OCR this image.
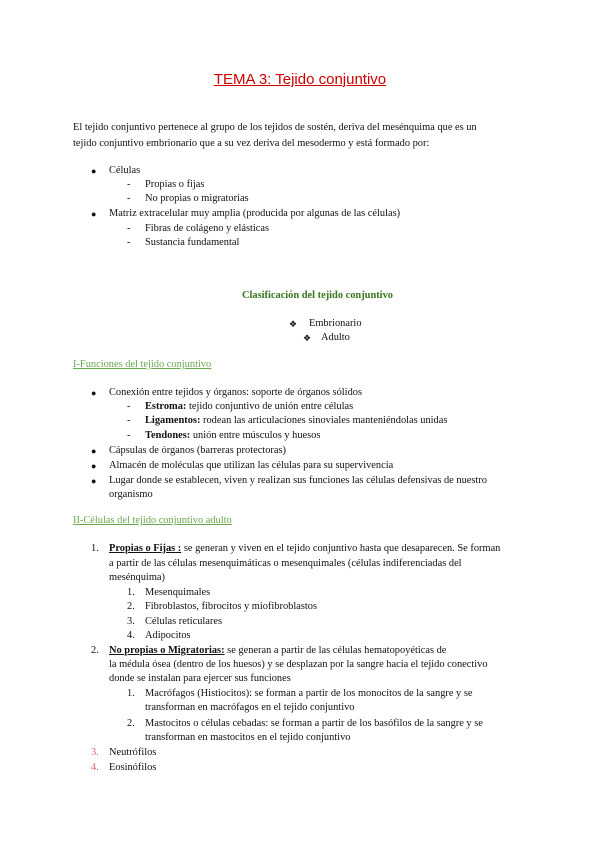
TEMA 3: Tejido conjuntivo
El tejido conjuntivo pertenece al grupo de los tejidos de sostén, deriva del mesénquima que es un
tejido conjuntivo embrionario que a su vez deriva del mesodermo y está formado por:
● Células
- Propias o fijas
- No propias o migratorias
● Matriz extracelular muy amplia (producida por algunas de las células)
- Fibras de colágeno y elásticas
- Sustancia fundamental
Clasificación del tejido conjuntivo
❖ Embrionario
❖ Adulto
I-Funciones del tejido conjuntivo
● Conexión entre tejidos y órganos: soporte de órganos sólidos
- Estroma: tejido conjuntivo de unión entre células
- Ligamentos: rodean las articulaciones sinoviales manteniéndolas unidas
- Tendones: unión entre músculos y huesos
● Cápsulas de órganos (barreras protectoras)
● Almacén de moléculas que utilizan las células para su supervivencia
● Lugar donde se establecen, viven y realizan sus funciones las células defensivas de nuestro
organismo
II-Células del tejido conjuntivo adulto
1. Propias o Fijas : se generan y viven en el tejido conjuntivo hasta que desaparecen. Se forman
a partir de las células mesenquimáticas o mesenquimales (células indiferenciadas del
mesénquima)
1. Mesenquimales
2. Fibroblastos, fibrocitos y miofibroblastos
3. Células reticulares
4. Adipocitos
2. No propias o Migratorias: se generan a partir de las células hematopoyéticas de
la médula ósea (dentro de los huesos) y se desplazan por la sangre hacia el tejido conectivo
donde se instalan para ejercer sus funciones
1. Macrófagos (Histiocitos): se forman a partir de los monocitos de la sangre y se
transforman en macrófagos en el tejido conjuntivo
2. Mastocitos o células cebadas: se forman a partir de los basófilos de la sangre y se
transforman en mastocitos en el tejido conjuntivo
3. Neutrófilos
4. Eosinófilos
